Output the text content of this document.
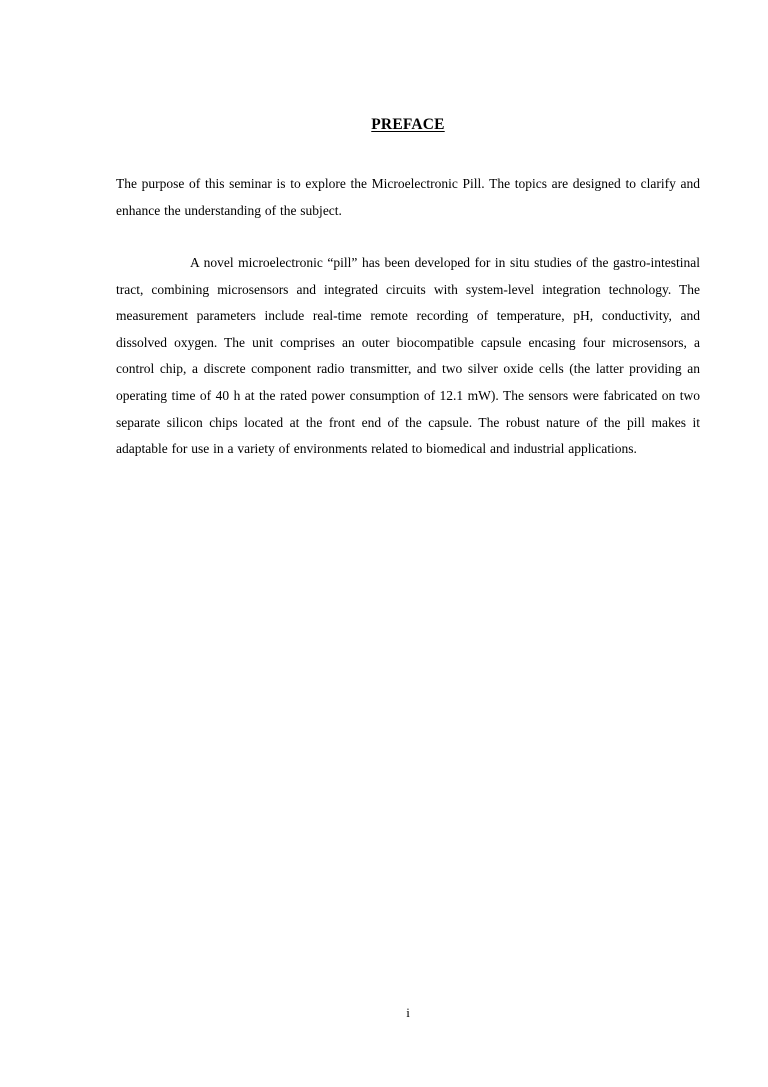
PREFACE

The purpose of this seminar is to explore the Microelectronic Pill. The topics are designed to clarify and enhance the understanding of the subject.

A novel microelectronic “pill” has been developed for in situ studies of the gastro-intestinal tract, combining microsensors and integrated circuits with system-level integration technology. The measurement parameters include real-time remote recording of temperature, pH, conductivity, and dissolved oxygen. The unit comprises an outer biocompatible capsule encasing four microsensors, a control chip, a discrete component radio transmitter, and two silver oxide cells (the latter providing an operating time of 40 h at the rated power consumption of 12.1 mW). The sensors were fabricated on two separate silicon chips located at the front end of the capsule. The robust nature of the pill makes it adaptable for use in a variety of environments related to biomedical and industrial applications.

i
